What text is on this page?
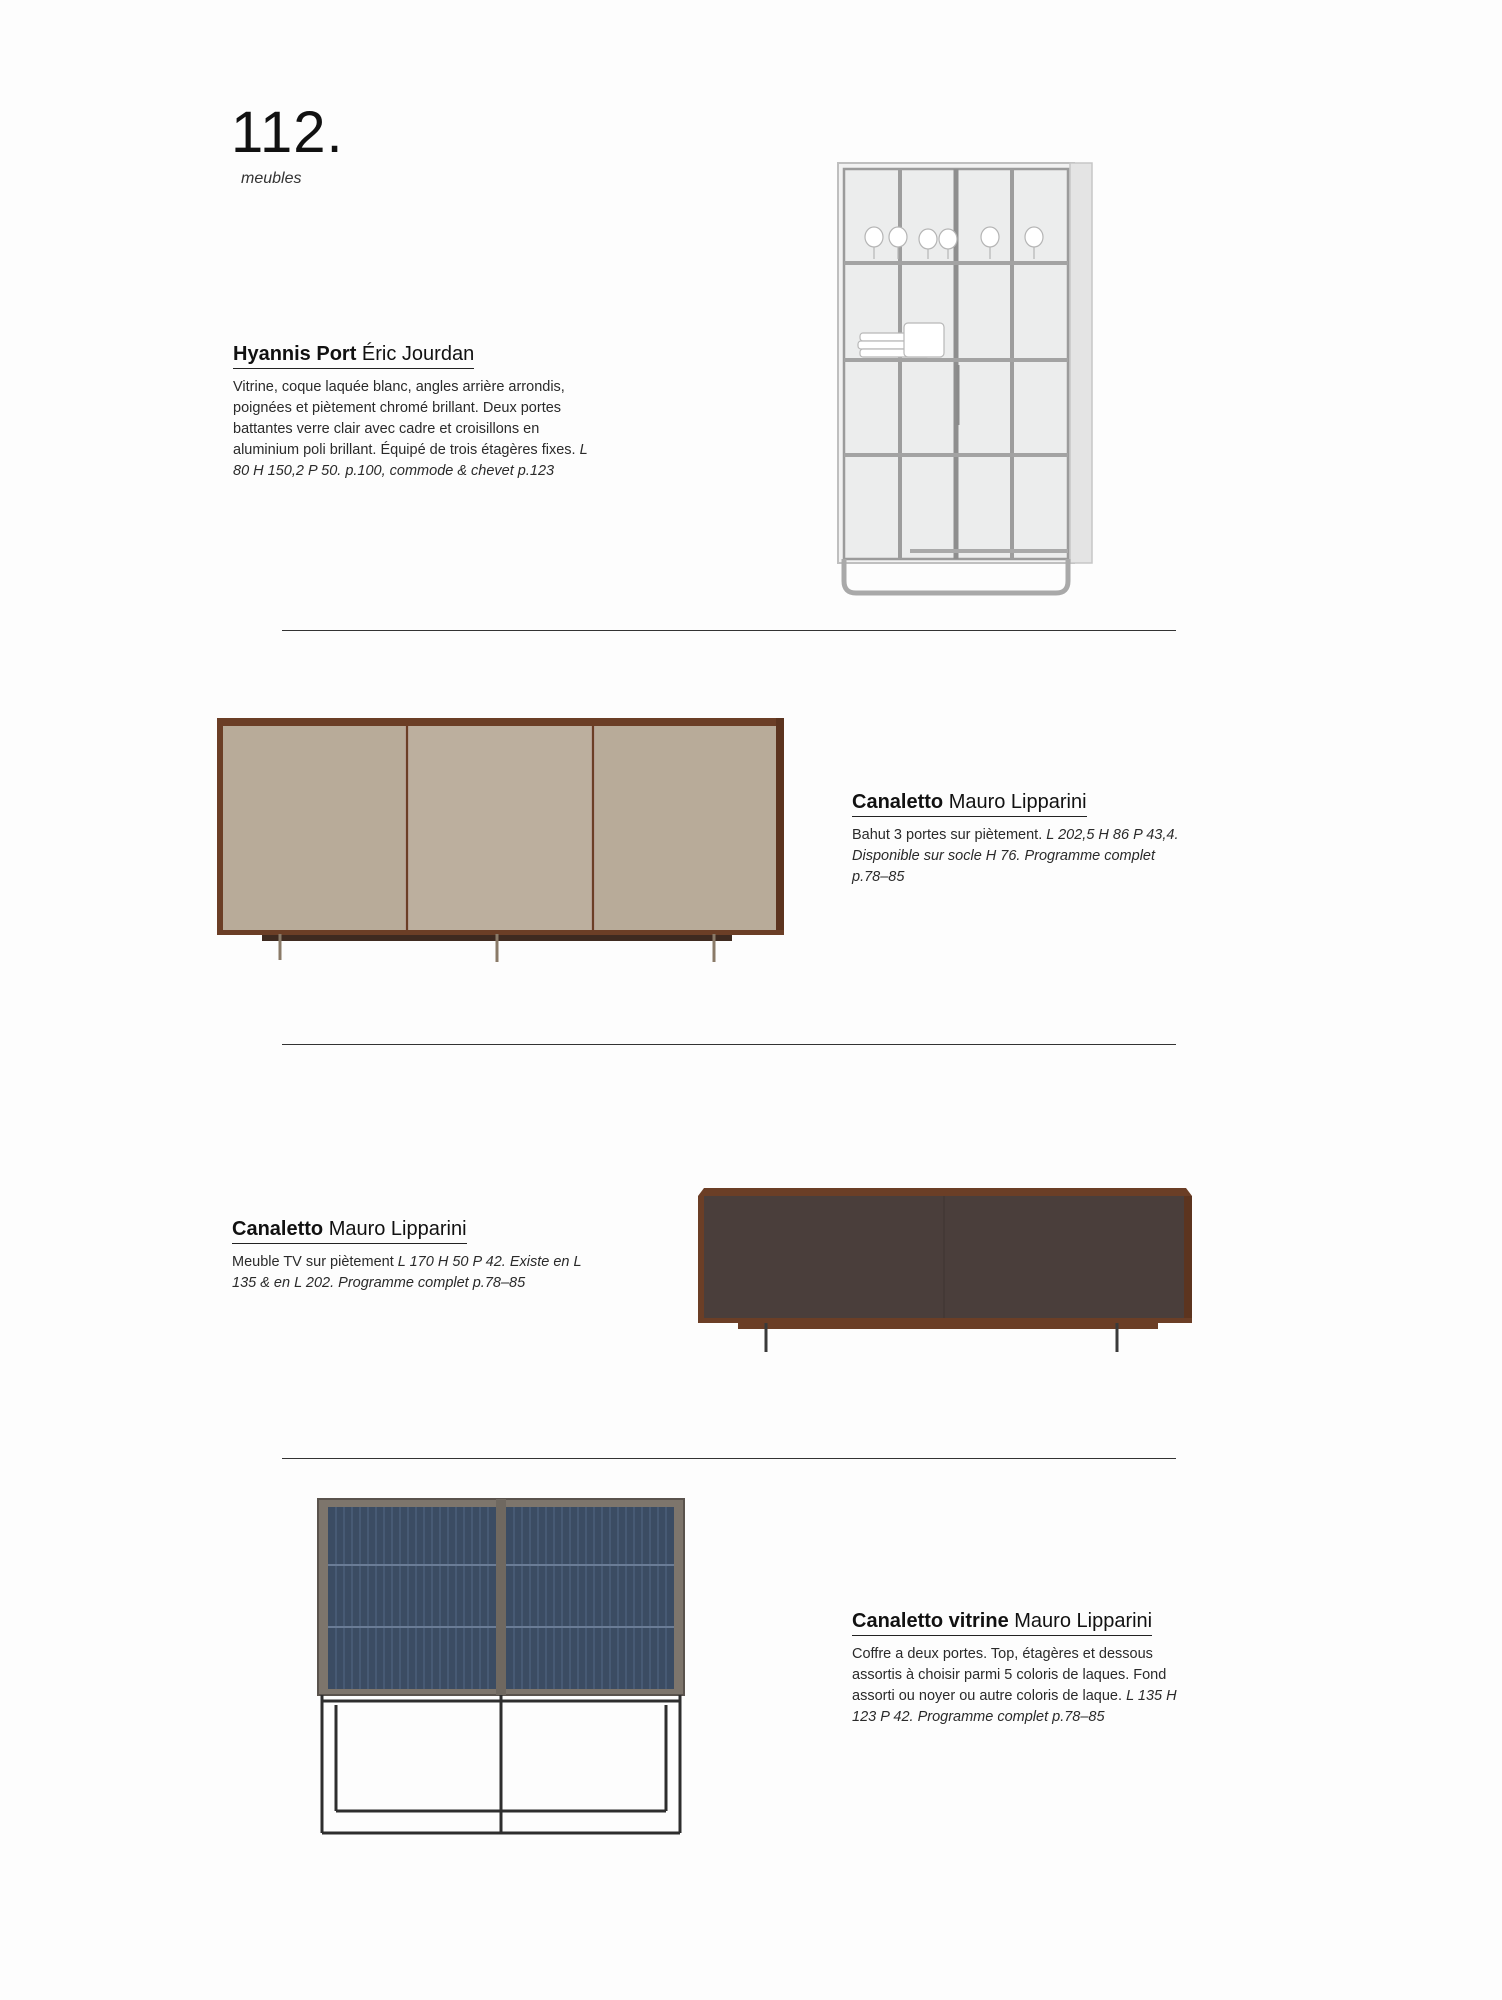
112.
meubles
Hyannis Port Éric Jourdan
Vitrine, coque laquée blanc, angles arrière arrondis, poignées et piètement chromé brillant. Deux portes battantes verre clair avec cadre et croisillons en aluminium poli brillant. Équipé de trois étagères fixes. L 80 H 150,2 P 50. p.100, commode & chevet p.123
Canaletto Mauro Lipparini
Bahut 3 portes sur piètement. L 202,5 H 86 P 43,4. Disponible sur socle H 76. Programme complet p.78–85
Canaletto Mauro Lipparini
Meuble TV sur piètement L 170 H 50 P 42. Existe en L 135 & en L 202. Programme complet p.78–85
Canaletto vitrine Mauro Lipparini
Coffre a deux portes. Top, étagères et dessous assortis à choisir parmi 5 coloris de laques. Fond assorti ou noyer ou autre coloris de laque. L 135 H 123 P 42. Programme complet p.78–85
